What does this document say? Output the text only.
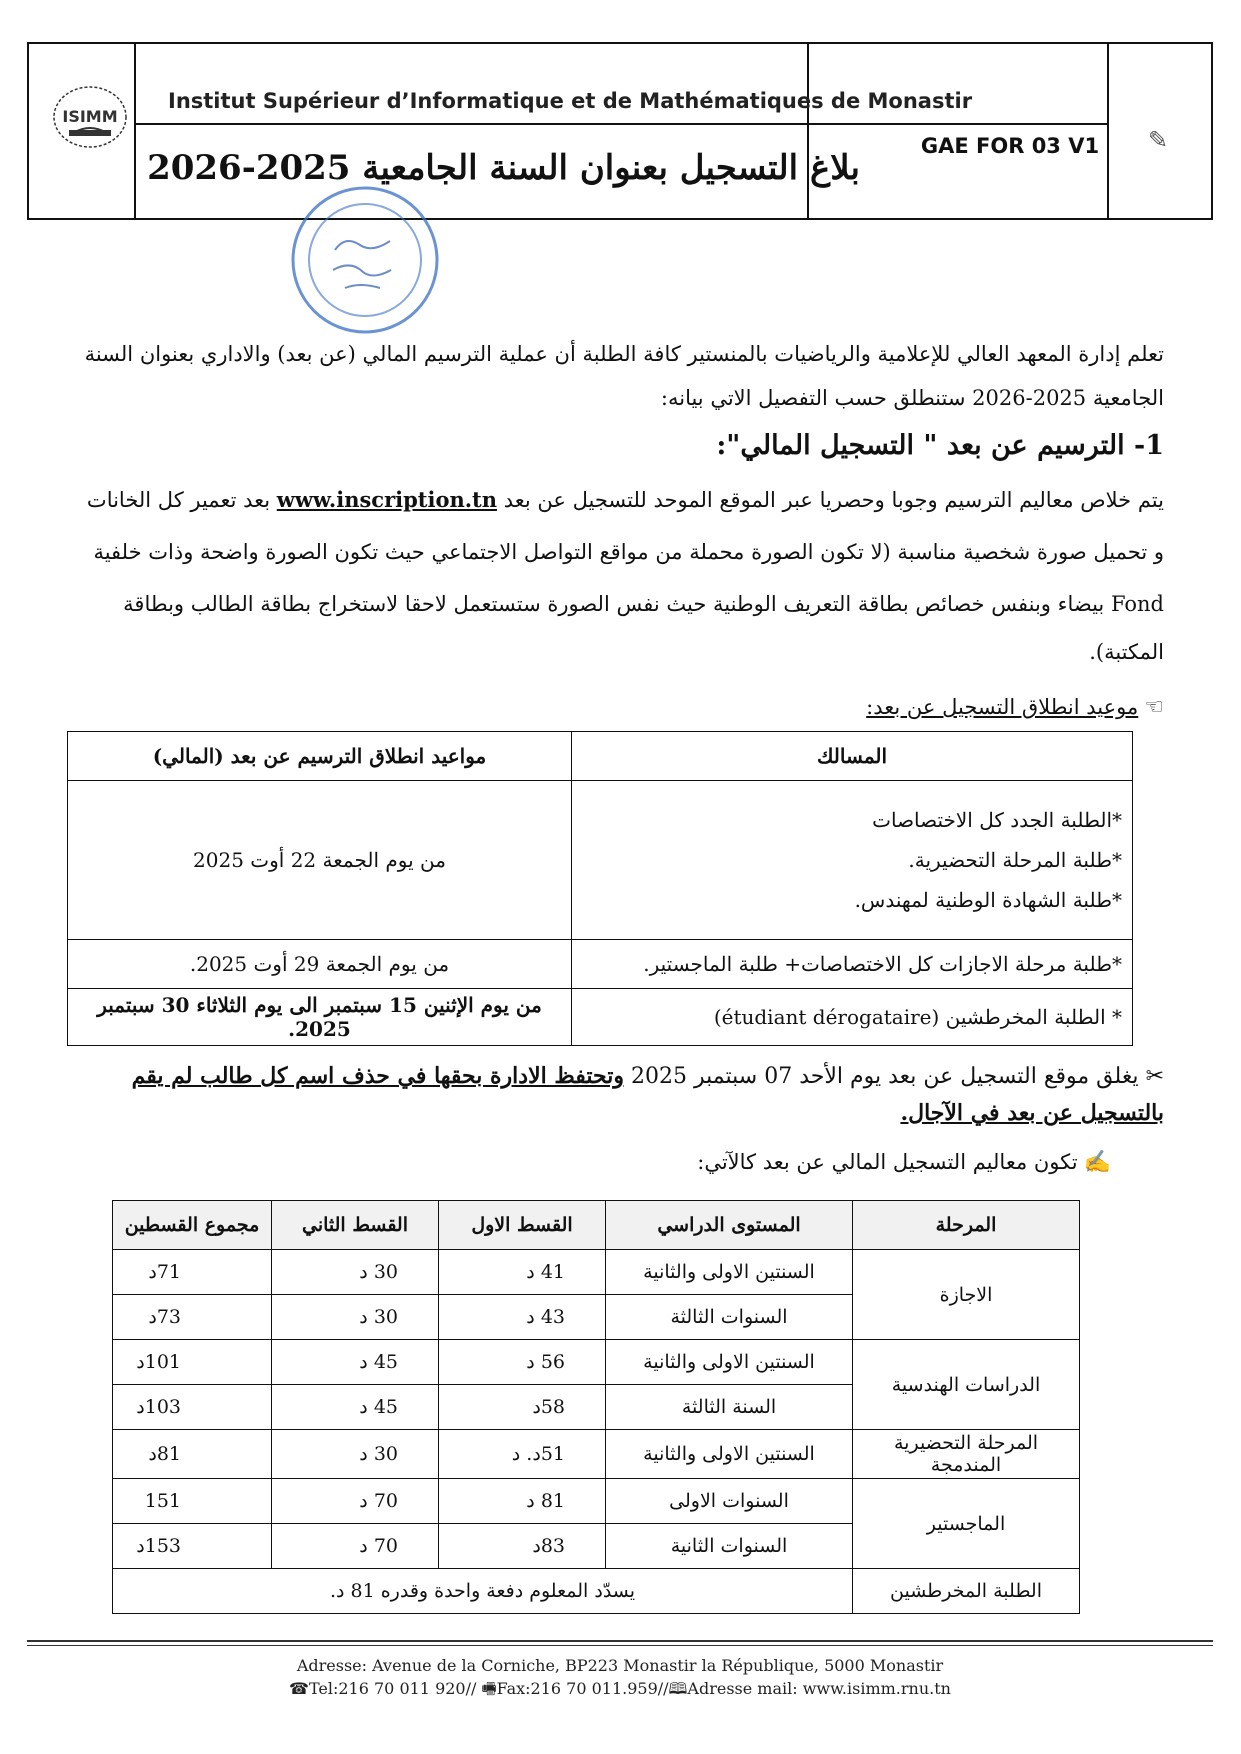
ISIMM
Institut Supérieur d’Informatique et de Mathématiques de Monastir
بلاغ التسجيل بعنوان السنة الجامعية 2025-2026
GAE FOR 03 V1	✎
تعلم إدارة المعهد العالي للإعلامية والرياضيات بالمنستير كافة الطلبة أن عملية الترسيم المالي (عن بعد) والاداري بعنوان السنة
الجامعية 2025-2026 ستنطلق حسب التفصيل الاتي بيانه:
1- الترسيم عن بعد " التسجيل المالي":
يتم خلاص معاليم الترسيم وجوبا وحصريا عبر الموقع الموحد للتسجيل عن بعد www.inscription.tn بعد تعمير كل الخانات
و تحميل صورة شخصية مناسبة (لا تكون الصورة محملة من مواقع التواصل الاجتماعي حيث تكون الصورة واضحة وذات خلفية
Fond بيضاء وبنفس خصائص بطاقة التعريف الوطنية حيث نفس الصورة ستستعمل لاحقا لاستخراج بطاقة الطالب وبطاقة
المكتبة).
☜موعيد انطلاق التسجيل عن بعد:
المسالك	مواعيد انطلاق الترسيم عن بعد (المالي)

*الطلبة الجدد كل الاختصاصات
*طلبة المرحلة التحضيرية.
*طلبة الشهادة الوطنية لمهندس.	من يوم الجمعة 22 أوت 2025

*طلبة مرحلة الاجازات كل الاختصاصات+ طلبة الماجستير.	من يوم الجمعة 29 أوت 2025.

* الطلبة المخرطشين (étudiant dérogataire)	من يوم الإثنين 15 سبتمبر الى يوم الثلاثاء 30 سبتمبر 2025.
✂ يغلق موقع التسجيل عن بعد يوم الأحد 07 سبتمبر 2025 وتحتفظ الادارة بحقها في حذف اسم كل طالب لم يقم
بالتسجيل عن بعد في الآجال.
✍تكون معاليم التسجيل المالي عن بعد كالآتي:
المرحلة	المستوى الدراسي	القسط الاول	القسط الثاني	مجموع القسطين
الاجازة	السنتين الاولى والثانية	41 د	30 د	71د
	السنوات الثالثة	43 د	30 د	73د
الدراسات الهندسية	السنتين الاولى والثانية	56 د	45 د	101د
	السنة الثالثة	58د	45 د	103د
المرحلة التحضيرية المندمجة	السنتين الاولى والثانية	51د. د	30 د	81د
الماجستير	السنوات الاولى	81 د	70 د	151
	السنوات الثانية	83د	70 د	153د
الطلبة المخرطشين	يسدّد المعلوم دفعة واحدة وقدره 81 د.			
Adresse: Avenue de la Corniche, BP223 Monastir la République, 5000 Monastir
☎Tel:216 70 011 920// 🖷Fax:216 70 011.959//🕮Adresse mail: www.isimm.rnu.tn
